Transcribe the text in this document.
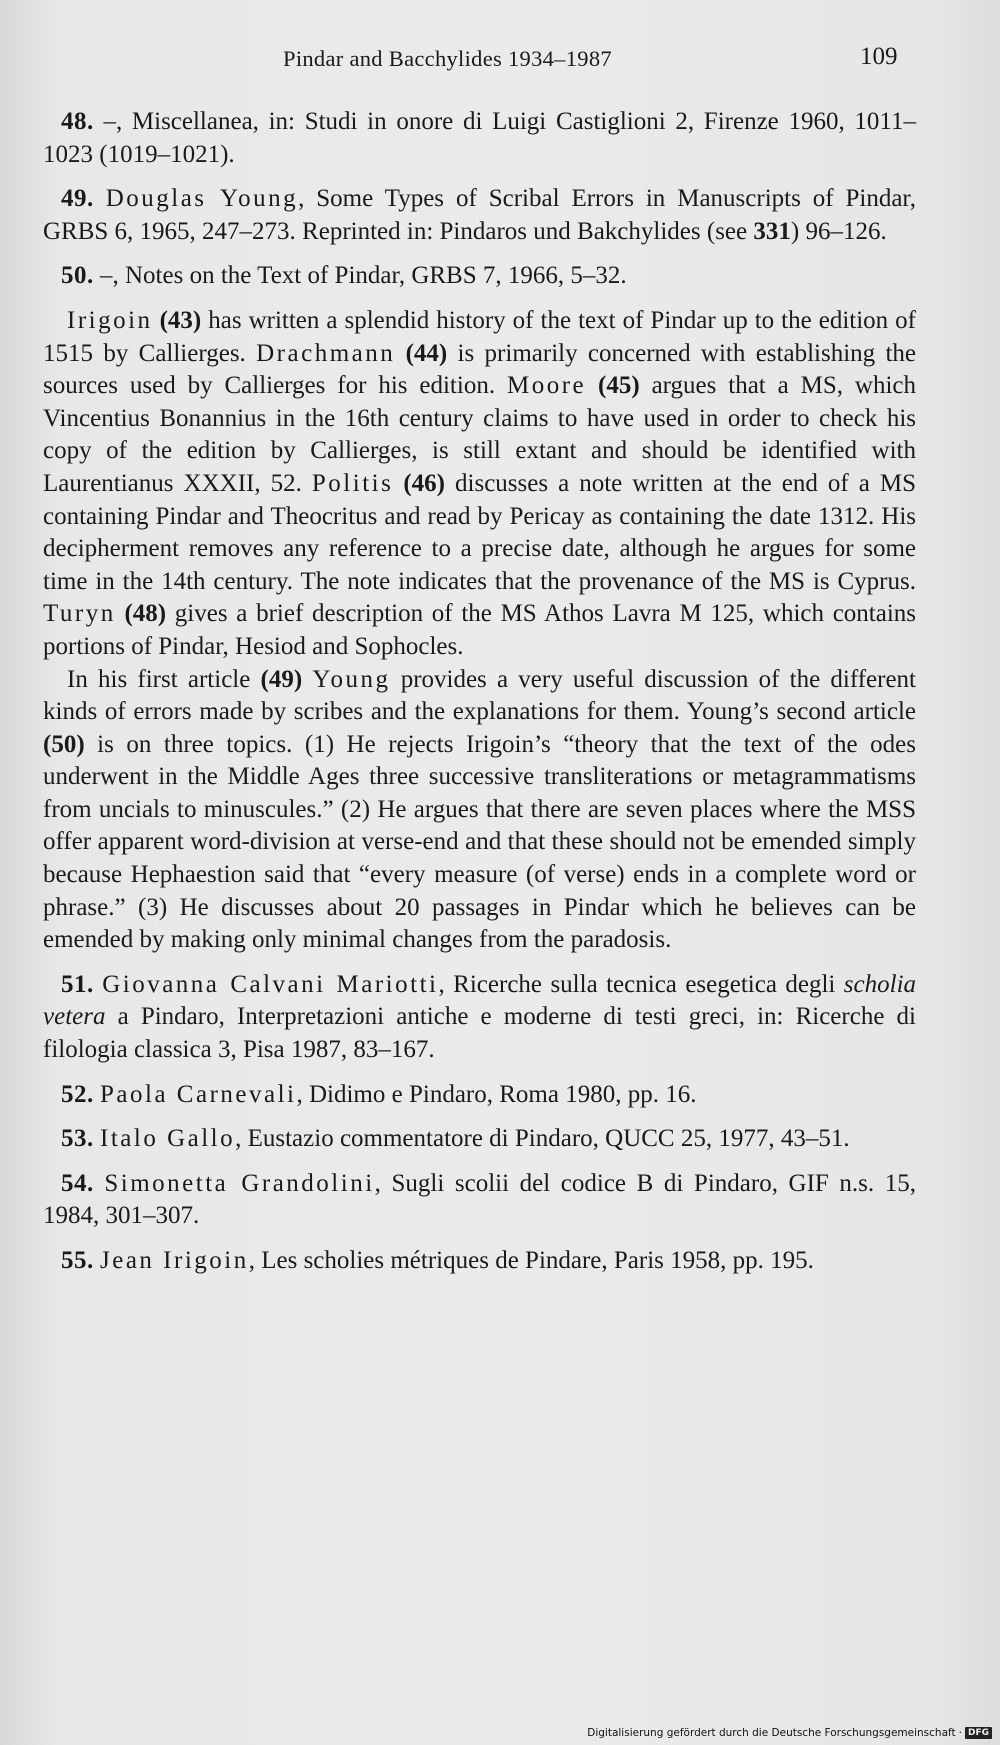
Pindar and Bacchylides 1934–1987	109

48. –, Miscellanea, in: Studi in onore di Luigi Castiglioni 2, Firenze 1960, 1011–1023 (1019–1021).

49. Douglas Young, Some Types of Scribal Errors in Manuscripts of Pindar, GRBS 6, 1965, 247–273. Reprinted in: Pindaros und Bakchylides (see 331) 96–126.

50. –, Notes on the Text of Pindar, GRBS 7, 1966, 5–32.

Irigoin (43) has written a splendid history of the text of Pindar up to the edition of 1515 by Callierges. Drachmann (44) is primarily concerned with establishing the sources used by Callierges for his edition. Moore (45) argues that a MS, which Vincentius Bonannius in the 16th century claims to have used in order to check his copy of the edition by Callierges, is still extant and should be identified with Laurentianus XXXII, 52. Politis (46) discusses a note written at the end of a MS containing Pindar and Theocritus and read by Pericay as containing the date 1312. His decipherment removes any reference to a precise date, although he argues for some time in the 14th century. The note indicates that the provenance of the MS is Cyprus. Turyn (48) gives a brief description of the MS Athos Lavra M 125, which contains portions of Pindar, Hesiod and Sophocles.

In his first article (49) Young provides a very useful discussion of the different kinds of errors made by scribes and the explanations for them. Young’s second article (50) is on three topics. (1) He rejects Irigoin’s “theory that the text of the odes underwent in the Middle Ages three successive transliterations or metagrammatisms from uncials to minuscules.” (2) He argues that there are seven places where the MSS offer apparent word-division at verse-end and that these should not be emended simply because Hephaestion said that “every measure (of verse) ends in a complete word or phrase.” (3) He discusses about 20 passages in Pindar which he believes can be emended by making only minimal changes from the paradosis.

51. Giovanna Calvani Mariotti, Ricerche sulla tecnica esegetica degli scholia vetera a Pindaro, Interpretazioni antiche e moderne di testi greci, in: Ricerche di filologia classica 3, Pisa 1987, 83–167.

52. Paola Carnevali, Didimo e Pindaro, Roma 1980, pp. 16.

53. Italo Gallo, Eustazio commentatore di Pindaro, QUCC 25, 1977, 43–51.

54. Simonetta Grandolini, Sugli scolii del codice B di Pindaro, GIF n.s. 15, 1984, 301–307.

55. Jean Irigoin, Les scholies métriques de Pindare, Paris 1958, pp. 195.

Digitalisierung gefördert durch die Deutsche Forschungsgemeinschaft · DFG
